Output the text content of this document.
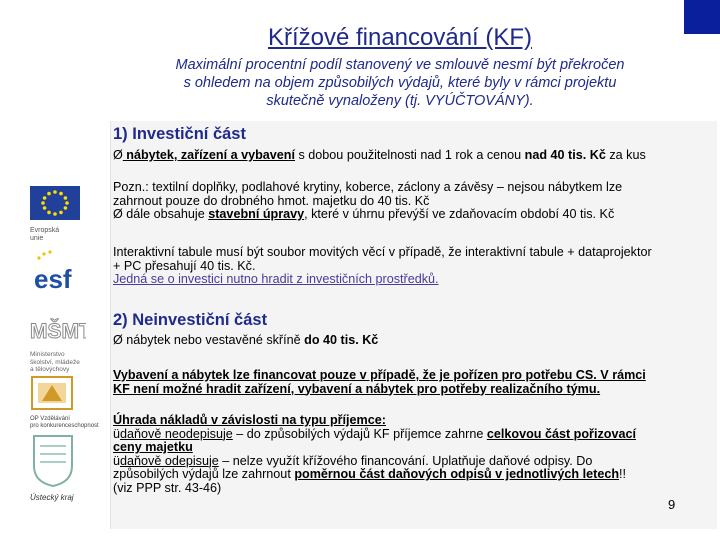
Křížové financování (KF)
Maximální procentní podíl stanovený ve smlouvě nesmí být překročen
s ohledem na objem způsobilých výdajů, které byly v rámci projektu
skutečně vynaloženy (tj. VYÚČTOVÁNY).
1) Investiční část
Ø nábytek, zařízení a vybavení s dobou použitelnosti nad 1 rok a cenou nad 40 tis. Kč za kus
Pozn.: textilní doplňky, podlahové krytiny, koberce, záclony a závěsy – nejsou nábytkem lze
zahrnout pouze do drobného hmot. majetku do 40 tis. Kč
Ø dále obsahuje stavební úpravy, které v úhrnu převýší ve zdaňovacím období 40 tis. Kč
Interaktivní tabule musí být soubor movitých věcí v případě, že interaktivní tabule + dataprojektor
+ PC přesahují 40 tis. Kč.
Jedná se o investici nutno hradit z investičních prostředků.
2) Neinvestiční část
Ø nábytek nebo vestavěné skříně do 40 tis. Kč
Vybavení a nábytek lze financovat pouze v případě, že je pořízen pro potřebu CS. V rámci
KF není možné hradit zařízení, vybavení a nábytek pro potřeby realizačního týmu.
Úhrada nákladů v závislosti na typu příjemce:
üdaňově neodepisuje – do způsobilých výdajů KF příjemce zahrne celkovou část pořizovací
ceny majetku
üdaňově odepisuje – nelze využít křížového financování. Uplatňuje daňové odpisy. Do
způsobilých výdajů lze zahrnout poměrnou část daňových odpisů v jednotlivých letech!!
(viz PPP str. 43-46)
9
Evropská
unie
esf
MŠMT
Ministerstvo
školství, mládeže
a tělovýchovy
OP Vzdělávání
pro konkurenceschopnost
Ústecký kraj
